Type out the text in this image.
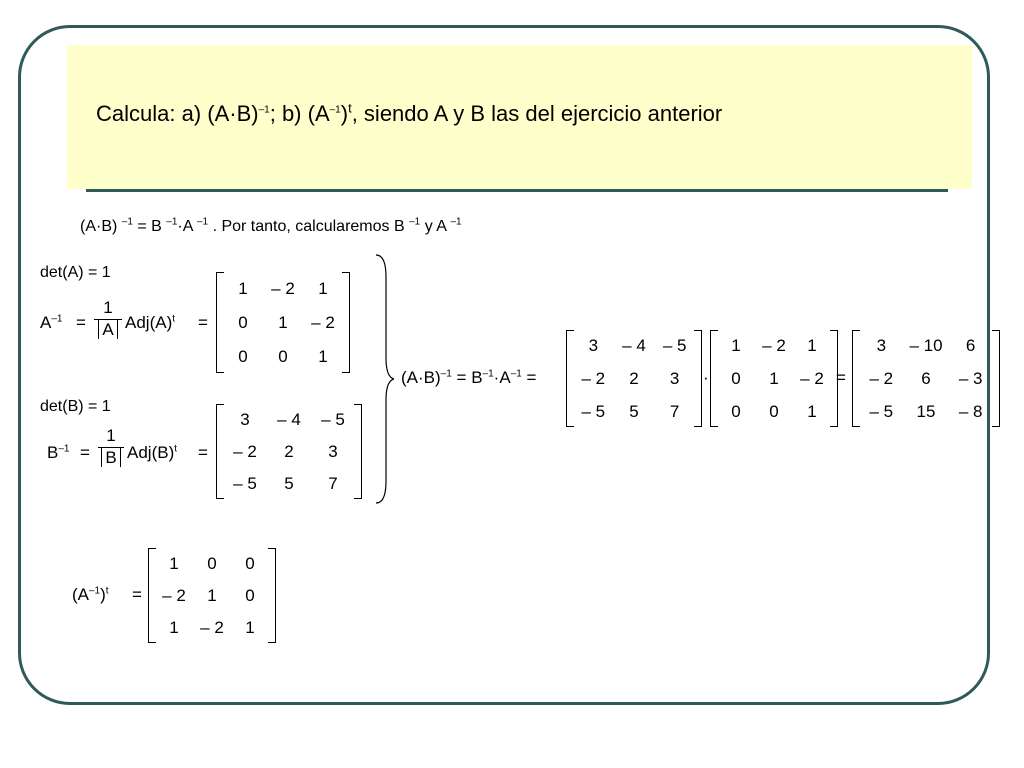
Calcula: a) $(A\cdot B)^{-1}$; b) $(A^{-1})^t$, siendo A y B las del ejercicio anterior
(A·B) $^{-1}$ = B $^{-1}$·A $^{-1}$ . Por tanto, calcularemos B $^{-1}$ y A $^{-1}$
det(A) = 1
$A^{-1} = \frac{1}{A} Adj(A)^t$ =
1	– 2	1
0	1	– 2
0	0	1
det(B) = 1
$B^{-1} = \frac{1}{B} Adj(B)^t$ =
3	– 4	– 5
– 2	2	3
– 5	5	7
$(A\cdot B)^{-1} = B^{-1}\cdot A^{-1}$ =
3	– 4	– 5
– 2	2	3
– 5	5	7
·
1	– 2	1
0	1	– 2
0	0	1
=
3	– 10	6
– 2	6	– 3
– 5	15	– 8
$(A^{-1})^t$ =
1	0	0
– 2	1	0
1	– 2	1
